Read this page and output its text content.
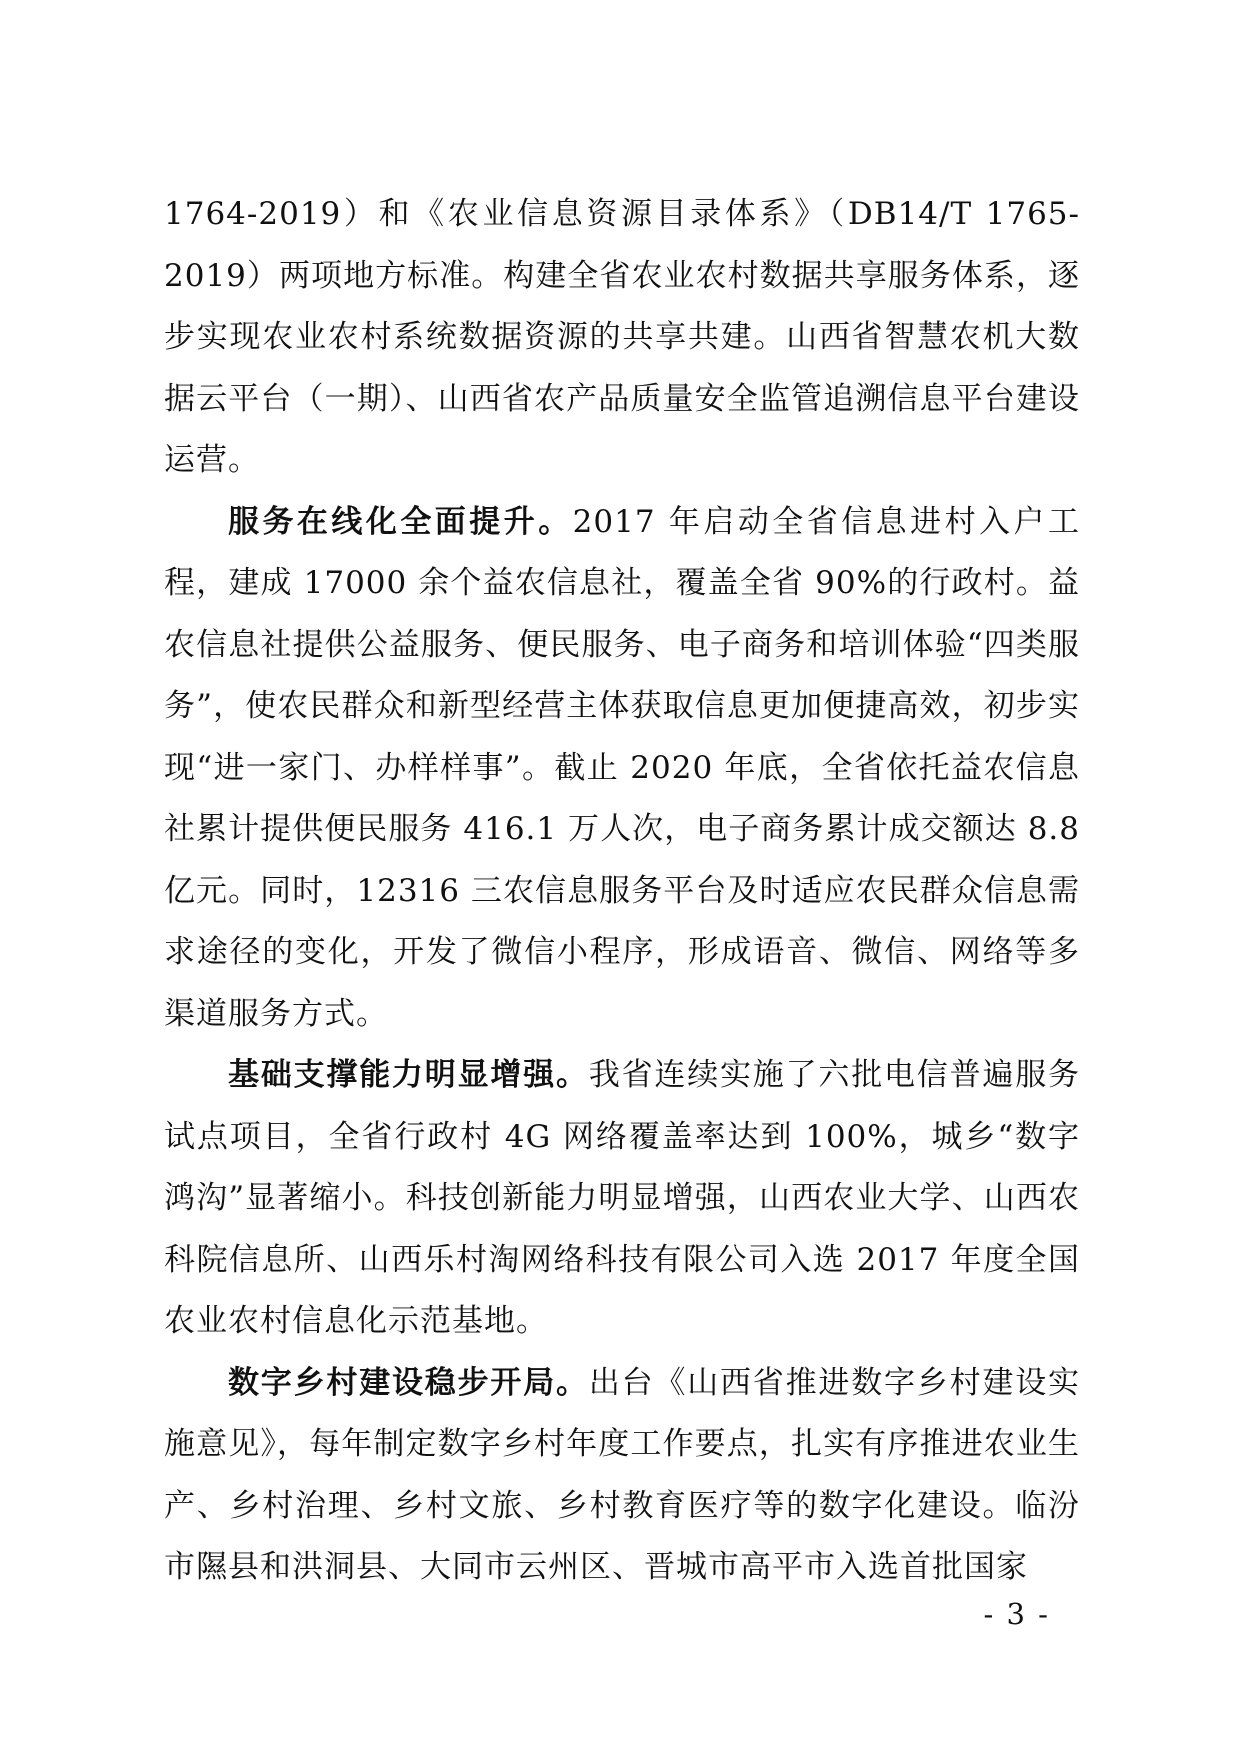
1764-2019）和《农业信息资源目录体系》（DB14/T 1765-2019）两项地方标准。构建全省农业农村数据共享服务体系，逐步实现农业农村系统数据资源的共享共建。山西省智慧农机大数据云平台（一期）、山西省农产品质量安全监管追溯信息平台建设运营。

服务在线化全面提升。2017 年启动全省信息进村入户工程，建成 17000 余个益农信息社，覆盖全省 90%的行政村。益农信息社提供公益服务、便民服务、电子商务和培训体验“四类服务”，使农民群众和新型经营主体获取信息更加便捷高效，初步实现“进一家门、办样样事”。截止 2020 年底，全省依托益农信息社累计提供便民服务 416.1 万人次，电子商务累计成交额达 8.8 亿元。同时，12316 三农信息服务平台及时适应农民群众信息需求途径的变化，开发了微信小程序，形成语音、微信、网络等多渠道服务方式。

基础支撑能力明显增强。我省连续实施了六批电信普遍服务试点项目，全省行政村 4G 网络覆盖率达到 100%，城乡“数字鸿沟”显著缩小。科技创新能力明显增强，山西农业大学、山西农科院信息所、山西乐村淘网络科技有限公司入选 2017 年度全国农业农村信息化示范基地。

数字乡村建设稳步开局。出台《山西省推进数字乡村建设实施意见》，每年制定数字乡村年度工作要点，扎实有序推进农业生产、乡村治理、乡村文旅、乡村教育医疗等的数字化建设。临汾市隰县和洪洞县、大同市云州区、晋城市高平市入选首批国家

- 3 -
